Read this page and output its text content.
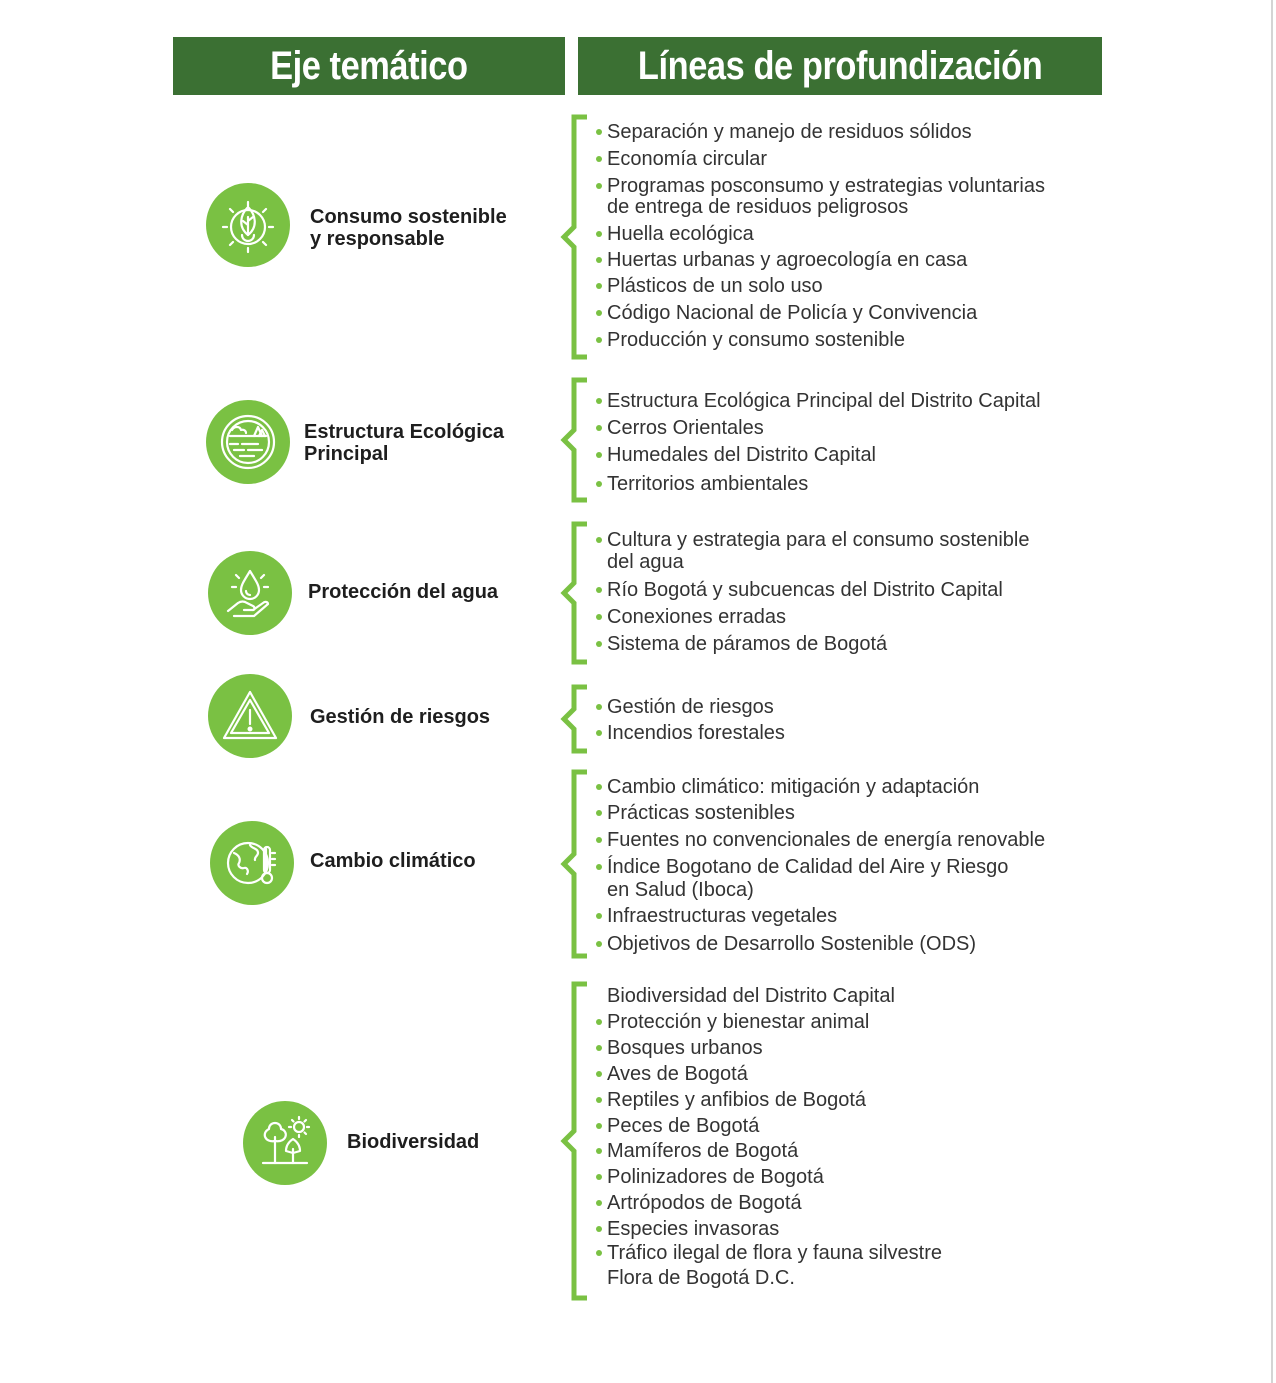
Eje temático	Líneas de profundización
Consumo sostenible
y responsable
Separación y manejo de residuos sólidos
Economía circular
Programas posconsumo y estrategias voluntarias
de entrega de residuos peligrosos
Huella ecológica
Huertas urbanas y agroecología en casa
Plásticos de un solo uso
Código Nacional de Policía y Convivencia
Producción y consumo sostenible
Estructura Ecológica
Principal
Estructura Ecológica Principal del Distrito Capital
Cerros Orientales
Humedales del Distrito Capital
Territorios ambientales
Protección del agua
Cultura y estrategia para el consumo sostenible
del agua
Río Bogotá y subcuencas del Distrito Capital
Conexiones erradas
Sistema de páramos de Bogotá
Gestión de riesgos	Gestión de riesgos
Incendios forestales
Cambio climático
Cambio climático: mitigación y adaptación
Prácticas sostenibles
Fuentes no convencionales de energía renovable
Índice Bogotano de Calidad del Aire y Riesgo
en Salud (Iboca)
Infraestructuras vegetales
Objetivos de Desarrollo Sostenible (ODS)
Biodiversidad
Biodiversidad del Distrito Capital
Protección y bienestar animal
Bosques urbanos
Aves de Bogotá
Reptiles y anfibios de Bogotá
Peces de Bogotá
Mamíferos de Bogotá
Polinizadores de Bogotá
Artrópodos de Bogotá
Especies invasoras
Tráfico ilegal de flora y fauna silvestre
Flora de Bogotá D.C.
